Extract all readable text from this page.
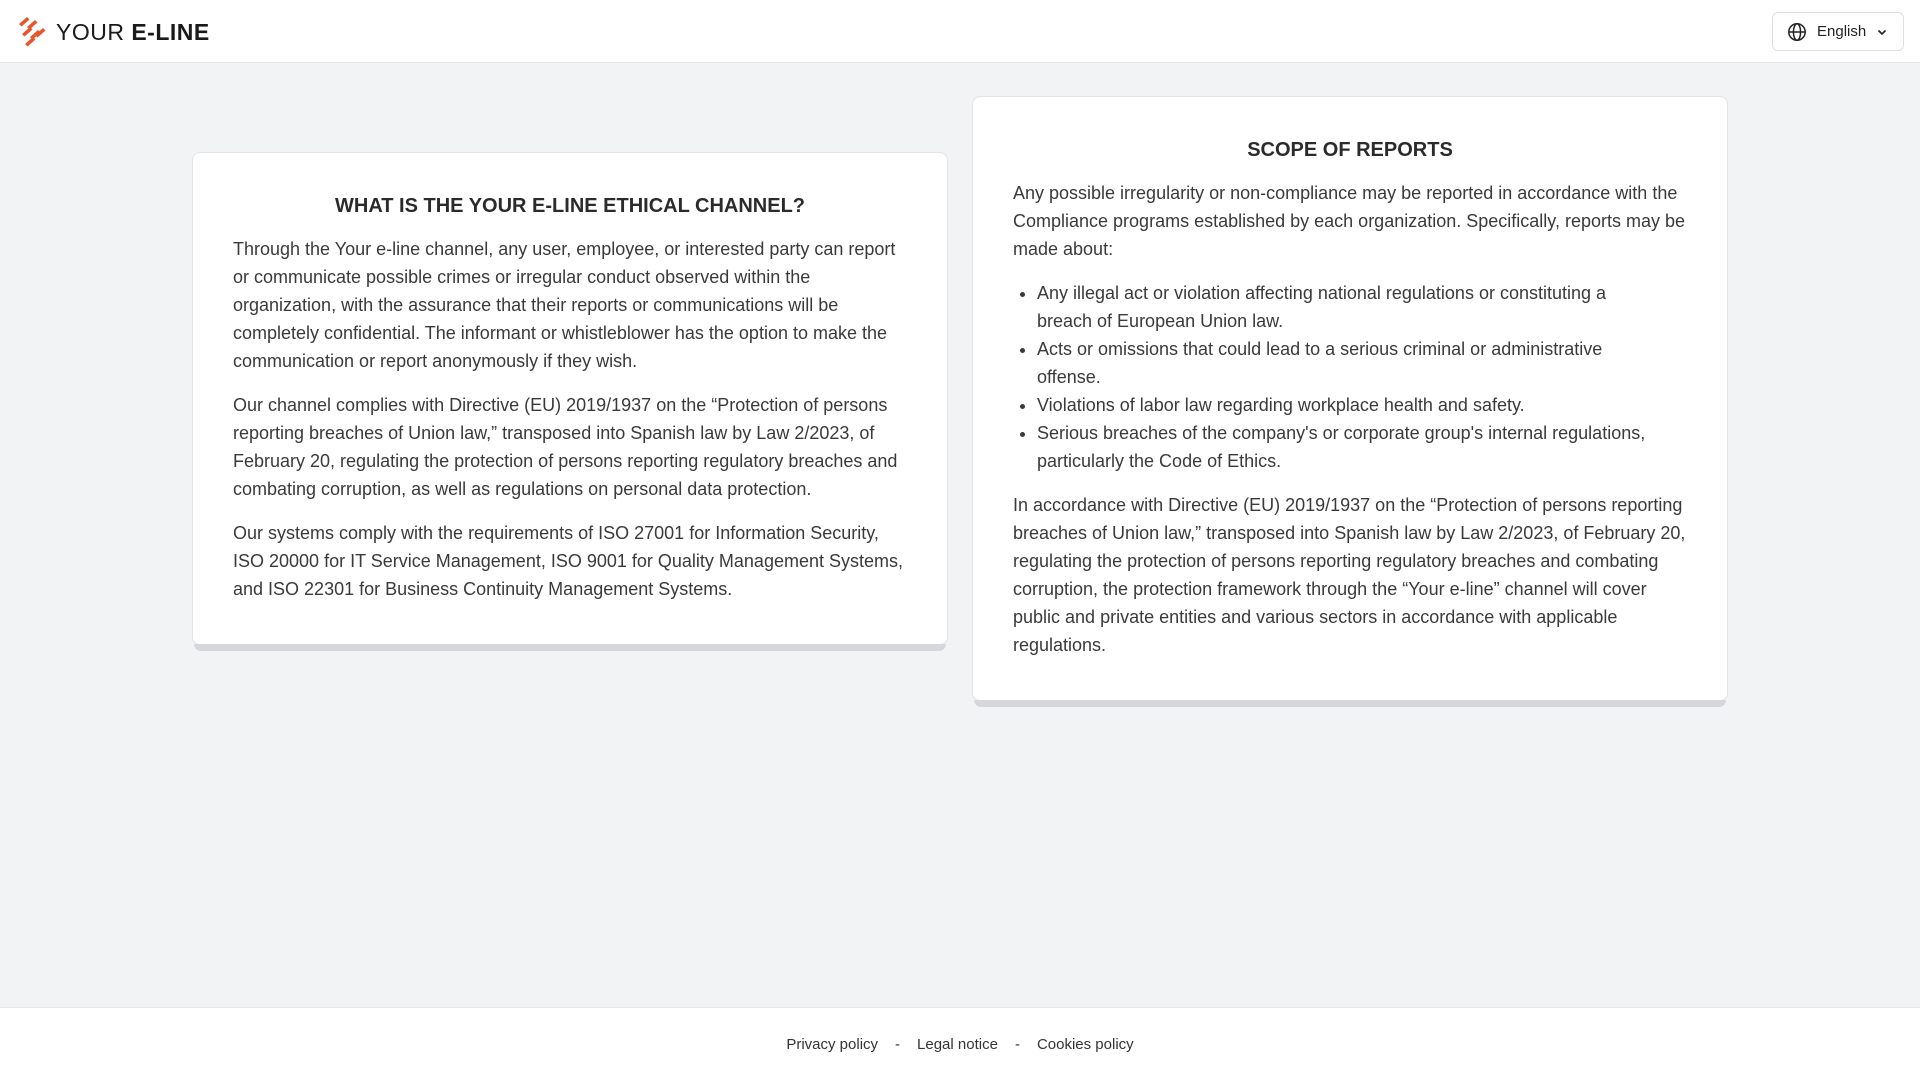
YOUR E-LINE	English
WHAT IS THE YOUR E-LINE ETHICAL CHANNEL?

Through the Your e-line channel, any user, employee, or interested party can report or communicate possible crimes or irregular conduct observed within the organization, with the assurance that their reports or communications will be completely confidential. The informant or whistleblower has the option to make the communication or report anonymously if they wish.

Our channel complies with Directive (EU) 2019/1937 on the “Protection of persons reporting breaches of Union law,” transposed into Spanish law by Law 2/2023, of February 20, regulating the protection of persons reporting regulatory breaches and combating corruption, as well as regulations on personal data protection.

Our systems comply with the requirements of ISO 27001 for Information Security, ISO 20000 for IT Service Management, ISO 9001 for Quality Management Systems, and ISO 22301 for Business Continuity Management Systems.

SCOPE OF REPORTS

Any possible irregularity or non-compliance may be reported in accordance with the Compliance programs established by each organization. Specifically, reports may be made about:

• Any illegal act or violation affecting national regulations or constituting a breach of European Union law.
• Acts or omissions that could lead to a serious criminal or administrative offense.
• Violations of labor law regarding workplace health and safety.
• Serious breaches of the company's or corporate group's internal regulations, particularly the Code of Ethics.

In accordance with Directive (EU) 2019/1937 on the “Protection of persons reporting breaches of Union law,” transposed into Spanish law by Law 2/2023, of February 20, regulating the protection of persons reporting regulatory breaches and combating corruption, the protection framework through the “Your e-line” channel will cover public and private entities and various sectors in accordance with applicable regulations.

Privacy policy - Legal notice - Cookies policy
